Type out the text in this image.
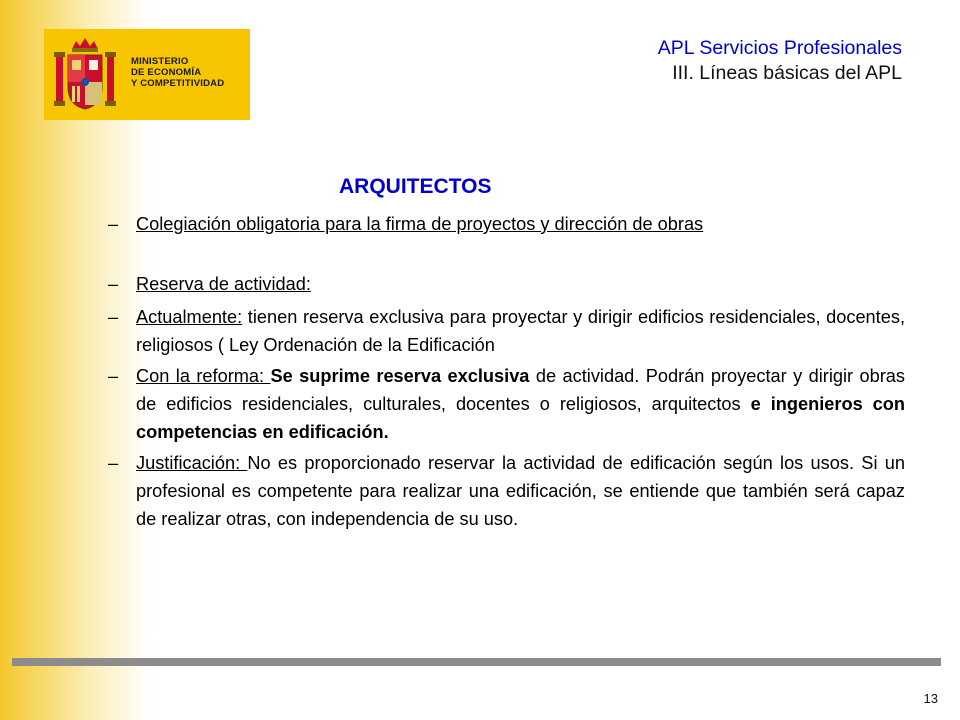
MINISTERIO
DE ECONOMÍA
Y COMPETITIVIDAD
APL Servicios Profesionales
III. Líneas básicas del APL
ARQUITECTOS
– Colegiación obligatoria para la firma de proyectos y dirección de obras
– Reserva de actividad:
– Actualmente: tienen reserva exclusiva para proyectar y dirigir edificios residenciales, docentes, religiosos ( Ley Ordenación de la Edificación
– Con la reforma: Se suprime reserva exclusiva de actividad. Podrán proyectar y dirigir obras de edificios residenciales, culturales, docentes o religiosos, arquitectos e ingenieros con competencias en edificación.
– Justificación: No es proporcionado reservar la actividad de edificación según los usos. Si un profesional es competente para realizar una edificación, se entiende que también será capaz de realizar otras, con independencia de su uso.
13
